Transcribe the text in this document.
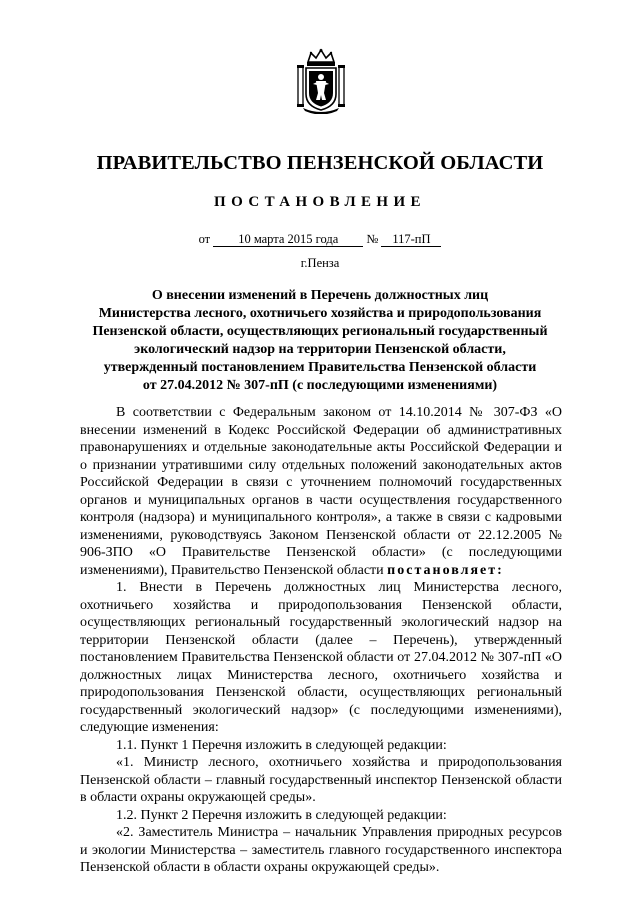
ПРАВИТЕЛЬСТВО ПЕНЗЕНСКОЙ ОБЛАСТИ
ПОСТАНОВЛЕНИЕ
от 10 марта 2015 года № 117-пП
г.Пенза
О внесении изменений в Перечень должностных лиц
Министерства лесного, охотничьего хозяйства и природопользования
Пензенской области, осуществляющих региональный государственный
экологический надзор на территории Пензенской области,
утвержденный постановлением Правительства Пензенской области
от 27.04.2012 № 307-пП (с последующими изменениями)

В соответствии с Федеральным законом от 14.10.2014 № 307-ФЗ «О внесении изменений в Кодекс Российской Федерации об административных правонарушениях и отдельные законодательные акты Российской Федерации и о признании утратившими силу отдельных положений законодательных актов Российской Федерации в связи с уточнением полномочий государственных органов и муниципальных органов в части осуществления государственного контроля (надзора) и муниципального контроля», а также в связи с кадровыми изменениями, руководствуясь Законом Пензенской области от 22.12.2005 № 906-ЗПО «О Правительстве Пензенской области» (с последующими изменениями), Правительство Пензенской области постановляет:

1. Внести в Перечень должностных лиц Министерства лесного, охотничьего хозяйства и природопользования Пензенской области, осуществляющих региональный государственный экологический надзор на территории Пензенской области (далее – Перечень), утвержденный постановлением Правительства Пензенской области от 27.04.2012 № 307-пП «О должностных лицах Министерства лесного, охотничьего хозяйства и природопользования Пензенской области, осуществляющих региональный государственный экологический надзор» (с последующими изменениями), следующие изменения:

1.1. Пункт 1 Перечня изложить в следующей редакции:

«1. Министр лесного, охотничьего хозяйства и природопользования Пензенской области – главный государственный инспектор Пензенской области в области охраны окружающей среды».

1.2. Пункт 2 Перечня изложить в следующей редакции:

«2. Заместитель Министра – начальник Управления природных ресурсов и экологии Министерства – заместитель главного государственного инспектора Пензенской области в области охраны окружающей среды».
